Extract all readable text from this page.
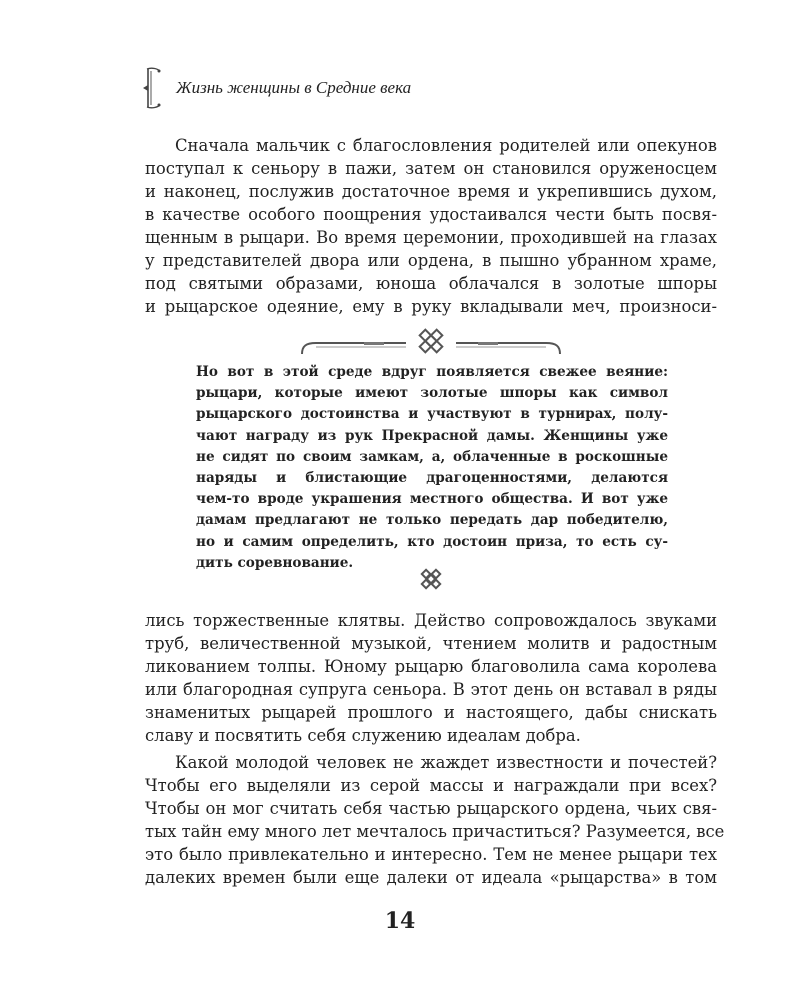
Жизнь женщины в Средние века
Сначала мальчик с благословления родителей или опекунов
поступал к сеньору в пажи, затем он становился оруженосцем
и наконец, послужив достаточное время и укрепившись духом,
в качестве особого поощрения удостаивался чести быть посвя-
щенным в рыцари. Во время церемонии, проходившей на глазах
у представителей двора или ордена, в пышно убранном храме,
под святыми образами, юноша облачался в золотые шпоры
и рыцарское одеяние, ему в руку вкладывали меч, произноси-
Но вот в этой среде вдруг появляется свежее веяние:
рыцари, которые имеют золотые шпоры как символ
рыцарского достоинства и участвуют в турнирах, полу-
чают награду из рук Прекрасной дамы. Женщины уже
не сидят по своим замкам, а, облаченные в роскошные
наряды и блистающие драгоценностями, делаются
чем-то вроде украшения местного общества. И вот уже
дамам предлагают не только передать дар победителю,
но и самим определить, кто достоин приза, то есть су-
дить соревнование.
лись торжественные клятвы. Действо сопровождалось звуками
труб, величественной музыкой, чтением молитв и радостным
ликованием толпы. Юному рыцарю благоволила сама королева
или благородная супруга сеньора. В этот день он вставал в ряды
знаменитых рыцарей прошлого и настоящего, дабы снискать
славу и посвятить себя служению идеалам добра.
Какой молодой человек не жаждет известности и почестей?
Чтобы его выделяли из серой массы и награждали при всех?
Чтобы он мог считать себя частью рыцарского ордена, чьих свя-
тых тайн ему много лет мечталось причаститься? Разумеется, все
это было привлекательно и интересно. Тем не менее рыцари тех
далеких времен были еще далеки от идеала «рыцарства» в том
14
